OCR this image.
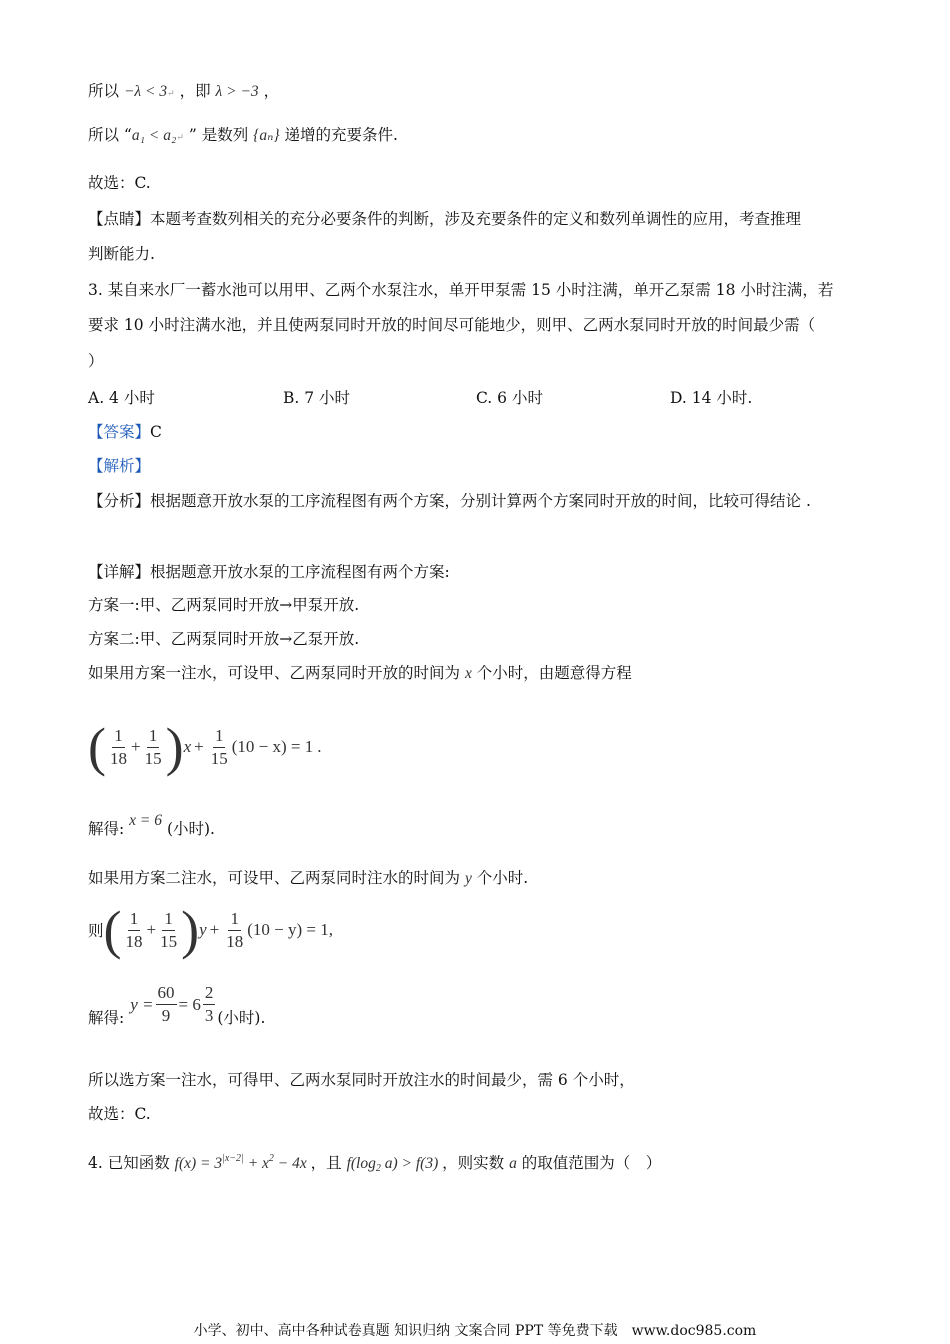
所以 −λ < 3↵ ，即 λ > −3 ，
所以 “a₁ < a₂↵ ” 是数列 {aₙ} 递增的充要条件.
故选：C.
【点睛】本题考查数列相关的充分必要条件的判断，涉及充要条件的定义和数列单调性的应用，考查推理
判断能力.
3. 某自来水厂一蓄水池可以用甲、乙两个水泵注水，单开甲泵需 15 小时注满，单开乙泵需 18 小时注满，若
要求 10 小时注满水池，并且使两泵同时开放的时间尽可能地少，则甲、乙两水泵同时开放的时间最少需（
）
A. 4 小时	B. 7 小时	C. 6 小时	D. 14 小时.
【答案】C
【解析】
【分析】根据题意开放水泵的工序流程图有两个方案，分别计算两个方案同时开放的时间，比较可得结论 .
【详解】根据题意开放水泵的工序流程图有两个方案:
方案一:甲、乙两泵同时开放→甲泵开放.
方案二:甲、乙两泵同时开放→乙泵开放.
如果用方案一注水，可设甲、乙两泵同时开放的时间为 x 个小时，由题意得方程
( $\frac{1}{18} + \frac{1}{15}$ ) $x + \frac{1}{15} (10 - x) = 1$ .
解得: x = 6 (小时).
如果用方案二注水，可设甲、乙两泵同时注水的时间为 y 个小时.
则 ( $\frac{1}{18} + \frac{1}{15}$ ) $y + \frac{1}{18} (10 - y) = 1$ ,
解得:
$y = \frac{60}{9} = 6 \frac{2}{3}$ (小时).
所以选方案一注水，可得甲、乙两水泵同时开放注水的时间最少，需 6 个小时，
故选：C.
4. 已知函数 $f(x) = 3^{|x-2|} + x^2 - 4x$ ，且 $f(\log_2$ a) > f(3) ，则实数 a 的取值范围为（　）
小学、初中、高中各种试卷真题 知识归纳 文案合同 PPT 等免费下载　www.doc985.com
